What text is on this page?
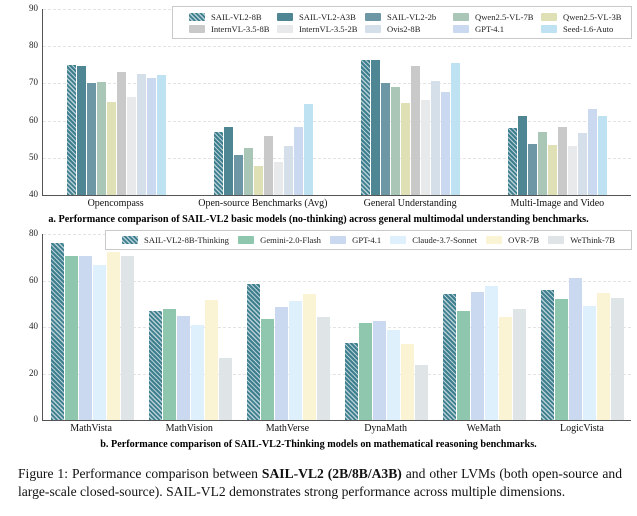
40
50
60
70
80
90
SAIL-VL2-8B	SAIL-VL2-A3B	SAIL-VL2-2b	Qwen2.5-VL-7B	Qwen2.5-VL-3B
InternVL-3.5-8B	InternVL-3.5-2B	Ovis2-8B	GPT-4.1	Seed-1.6-Auto
Opencompass	Open-source Benchmarks (Avg)	General Understanding	Multi-Image and Video
a. Performance comparison of SAIL-VL2 basic models (no-thinking) across general multimodal understanding benchmarks.
0
20
40
60
80
SAIL-VL2-8B-Thinking	Gemini-2.0-Flash	GPT-4.1	Claude-3.7-Sonnet	OVR-7B	WeThink-7B
MathVista	MathVision	MathVerse	DynaMath	WeMath	LogicVista
b. Performance comparison of SAIL-VL2-Thinking models on mathematical reasoning benchmarks.

Figure 1: Performance comparison between SAIL-VL2 (2B/8B/A3B) and other LVMs (both open-source and large-scale closed-source). SAIL-VL2 demonstrates strong performance across multiple dimensions.
